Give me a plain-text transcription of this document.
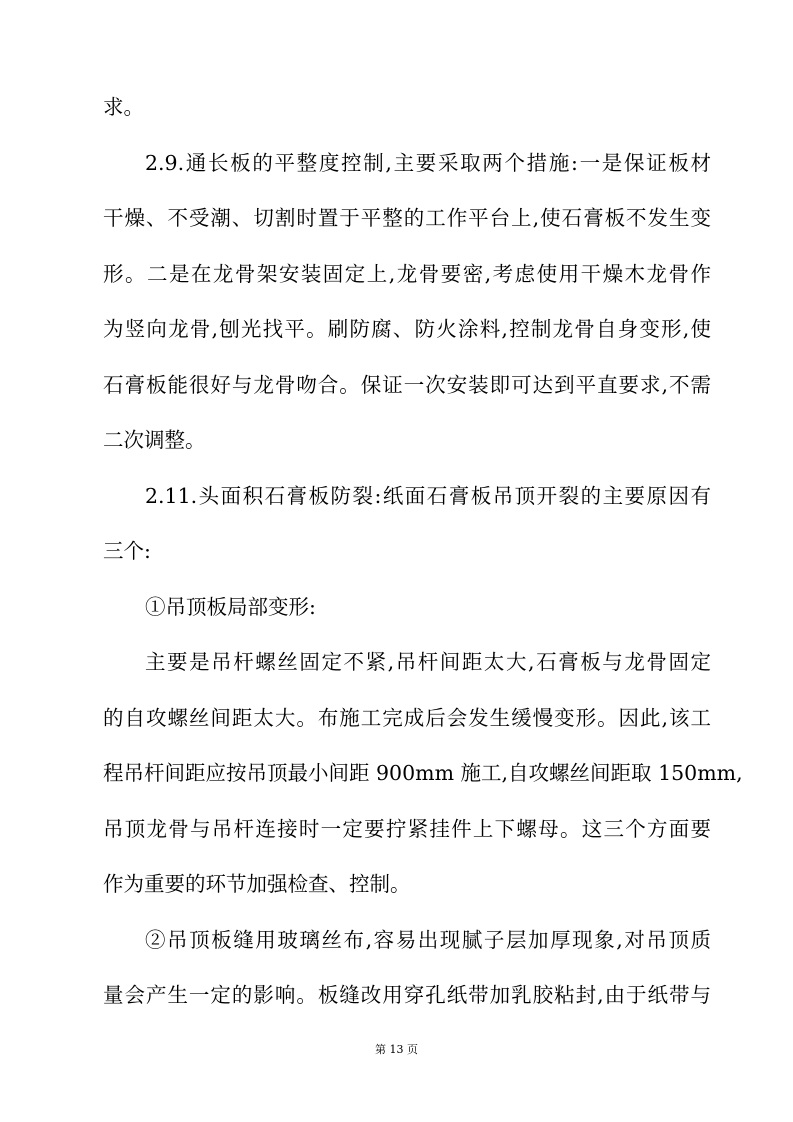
求。
2.9.通长板的平整度控制,主要采取两个措施:一是保证板材
干燥、不受潮、切割时置于平整的工作平台上,使石膏板不发生变
形。二是在龙骨架安装固定上,龙骨要密,考虑使用干燥木龙骨作
为竖向龙骨,刨光找平。刷防腐、防火涂料,控制龙骨自身变形,使
石膏板能很好与龙骨吻合。保证一次安装即可达到平直要求,不需
二次调整。
2.11.头面积石膏板防裂:纸面石膏板吊顶开裂的主要原因有
三个:
①吊顶板局部变形:
主要是吊杆螺丝固定不紧,吊杆间距太大,石膏板与龙骨固定
的自攻螺丝间距太大。布施工完成后会发生缓慢变形。因此,该工
程吊杆间距应按吊顶最小间距 900mm 施工,自攻螺丝间距取 150mm,
吊顶龙骨与吊杆连接时一定要拧紧挂件上下螺母。这三个方面要
作为重要的环节加强检查、控制。
②吊顶板缝用玻璃丝布,容易出现腻子层加厚现象,对吊顶质
量会产生一定的影响。板缝改用穿孔纸带加乳胶粘封,由于纸带与
第 13 页
